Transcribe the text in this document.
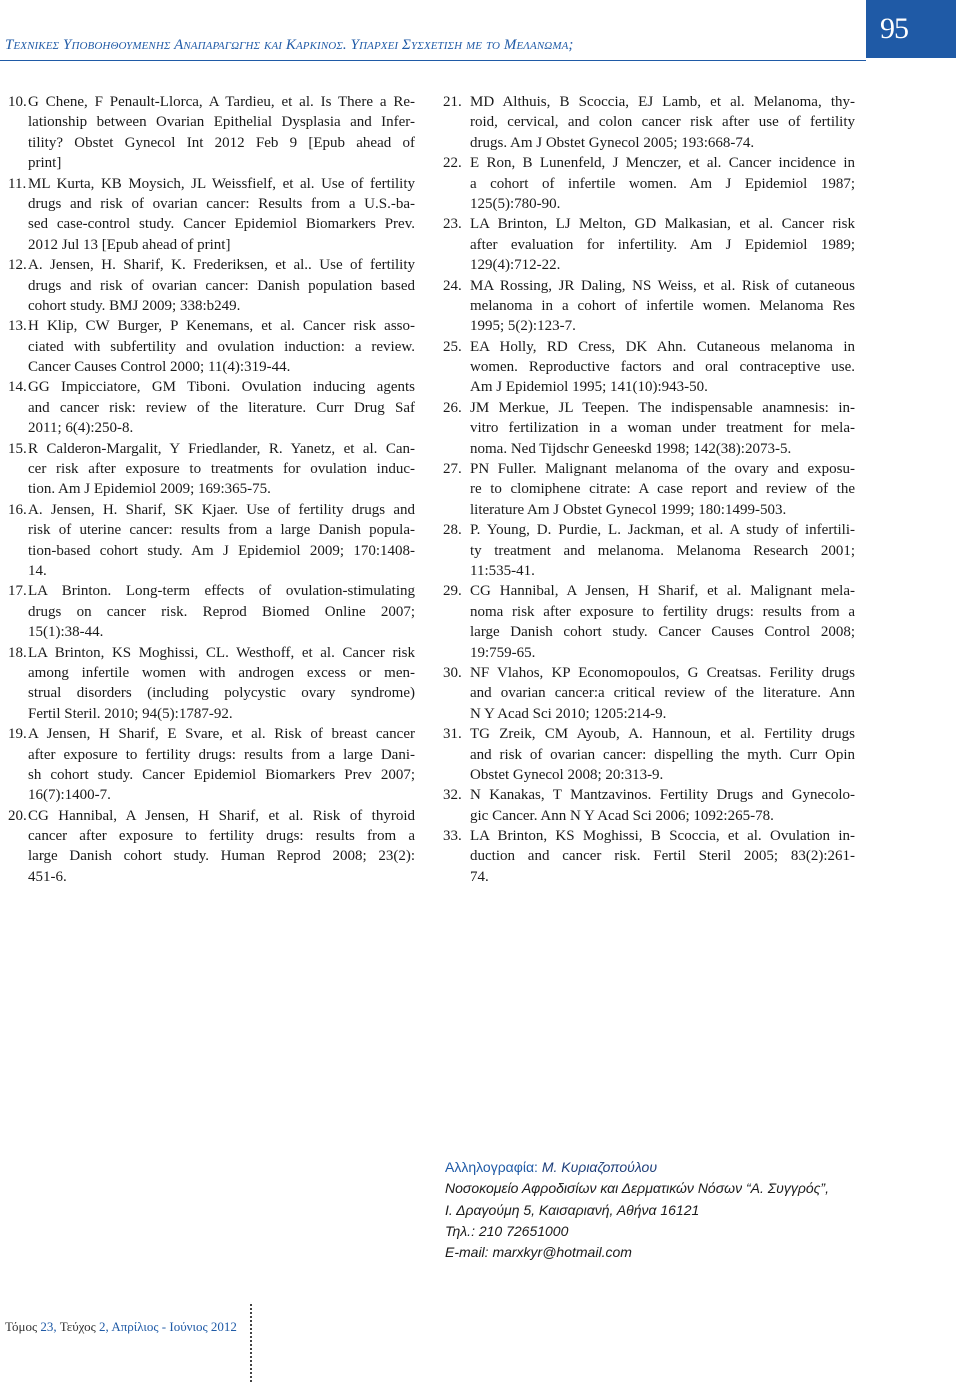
Τεχνικες Υποβοηθουμενης Αναπαραγωγης και Καρκινος. Υπαρχει Συσχετιση με το Μελανωμα;	95
10. G Chene, F Penault-Llorca, A Tardieu, et al. Is There a Re-
lationship between Ovarian Epithelial Dysplasia and Infer-
tility? Obstet Gynecol Int 2012 Feb 9 [Epub ahead of
print]
11. ML Kurta, KB Moysich, JL Weissfielf, et al. Use of fertility
drugs and risk of ovarian cancer: Results from a U.S.-ba-
sed case-control study. Cancer Epidemiol Biomarkers Prev.
2012 Jul 13 [Epub ahead of print]
12. A. Jensen, H. Sharif, K. Frederiksen, et al.. Use of fertility
drugs and risk of ovarian cancer: Danish population based
cohort study. BMJ 2009; 338:b249.
13. H Klip, CW Burger, P Kenemans, et al. Cancer risk asso-
ciated with subfertility and ovulation induction: a review.
Cancer Causes Control 2000; 11(4):319-44.
14. GG Impicciatore, GM Tiboni. Ovulation inducing agents
and cancer risk: review of the literature. Curr Drug Saf
2011; 6(4):250-8.
15. R Calderon-Margalit, Y Friedlander, R. Yanetz, et al. Can-
cer risk after exposure to treatments for ovulation induc-
tion. Am J Epidemiol 2009; 169:365-75.
16. A. Jensen, H. Sharif, SK Kjaer. Use of fertility drugs and
risk of uterine cancer: results from a large Danish popula-
tion-based cohort study. Am J Epidemiol 2009; 170:1408-
14.
17. LA Brinton. Long-term effects of ovulation-stimulating
drugs on cancer risk. Reprod Biomed Online 2007;
15(1):38-44.
18. LA Brinton, KS Moghissi, CL. Westhoff, et al. Cancer risk
among infertile women with androgen excess or men-
strual disorders (including polycystic ovary syndrome)
Fertil Steril. 2010; 94(5):1787-92.
19. A Jensen, H Sharif, E Svare, et al. Risk of breast cancer
after exposure to fertility drugs: results from a large Dani-
sh cohort study. Cancer Epidemiol Biomarkers Prev 2007;
16(7):1400-7.
20. CG Hannibal, A Jensen, H Sharif, et al. Risk of thyroid
cancer after exposure to fertility drugs: results from a
large Danish cohort study. Human Reprod 2008; 23(2):
451-6.
21. MD Althuis, B Scoccia, EJ Lamb, et al. Melanoma, thy-
roid, cervical, and colon cancer risk after use of fertility
drugs. Am J Obstet Gynecol 2005; 193:668-74.
22. E Ron, B Lunenfeld, J Menczer, et al. Cancer incidence in
a cohort of infertile women. Am J Epidemiol 1987;
125(5):780-90.
23. LA Brinton, LJ Melton, GD Malkasian, et al. Cancer risk
after evaluation for infertility. Am J Epidemiol 1989;
129(4):712-22.
24. MA Rossing, JR Daling, NS Weiss, et al. Risk of cutaneous
melanoma in a cohort of infertile women. Melanoma Res
1995; 5(2):123-7.
25. EA Holly, RD Cress, DK Ahn. Cutaneous melanoma in
women. Reproductive factors and oral contraceptive use.
Am J Epidemiol 1995; 141(10):943-50.
26. JM Merkue, JL Teepen. The indispensable anamnesis: in-
vitro fertilization in a woman under treatment for mela-
noma. Ned Tijdschr Geneeskd 1998; 142(38):2073-5.
27. PN Fuller. Malignant melanoma of the ovary and exposu-
re to clomiphene citrate: A case report and review of the
literature Am J Obstet Gynecol 1999; 180:1499-503.
28. P. Young, D. Purdie, L. Jackman, et al. A study of infertili-
ty treatment and melanoma. Melanoma Research 2001;
11:535-41.
29. CG Hannibal, A Jensen, H Sharif, et al. Malignant mela-
noma risk after exposure to fertility drugs: results from a
large Danish cohort study. Cancer Causes Control 2008;
19:759-65.
30. NF Vlahos, KP Economopoulos, G Creatsas. Ferility drugs
and ovarian cancer:a critical review of the literature. Ann
N Y Acad Sci 2010; 1205:214-9.
31. TG Zreik, CM Ayoub, A. Hannoun, et al. Fertility drugs
and risk of ovarian cancer: dispelling the myth. Curr Opin
Obstet Gynecol 2008; 20:313-9.
32. N Kanakas, T Mantzavinos. Fertility Drugs and Gynecolo-
gic Cancer. Ann N Y Acad Sci 2006; 1092:265-78.
33. LA Brinton, KS Moghissi, B Scoccia, et al. Ovulation in-
duction and cancer risk. Fertil Steril 2005; 83(2):261-
74.
Αλληλογραφία: Μ. Κυριαζοπούλου
Νοσοκομείο Αφροδισίων και Δερματικών Νόσων “Α. Συγγρός”,
Ι. Δραγούμη 5, Καισαριανή, Αθήνα 16121
Τηλ.: 210 72651000
E-mail: marxkyr@hotmail.com
Τόμος 23, Τεύχος 2, Απρίλιος - Ιούνιος 2012
